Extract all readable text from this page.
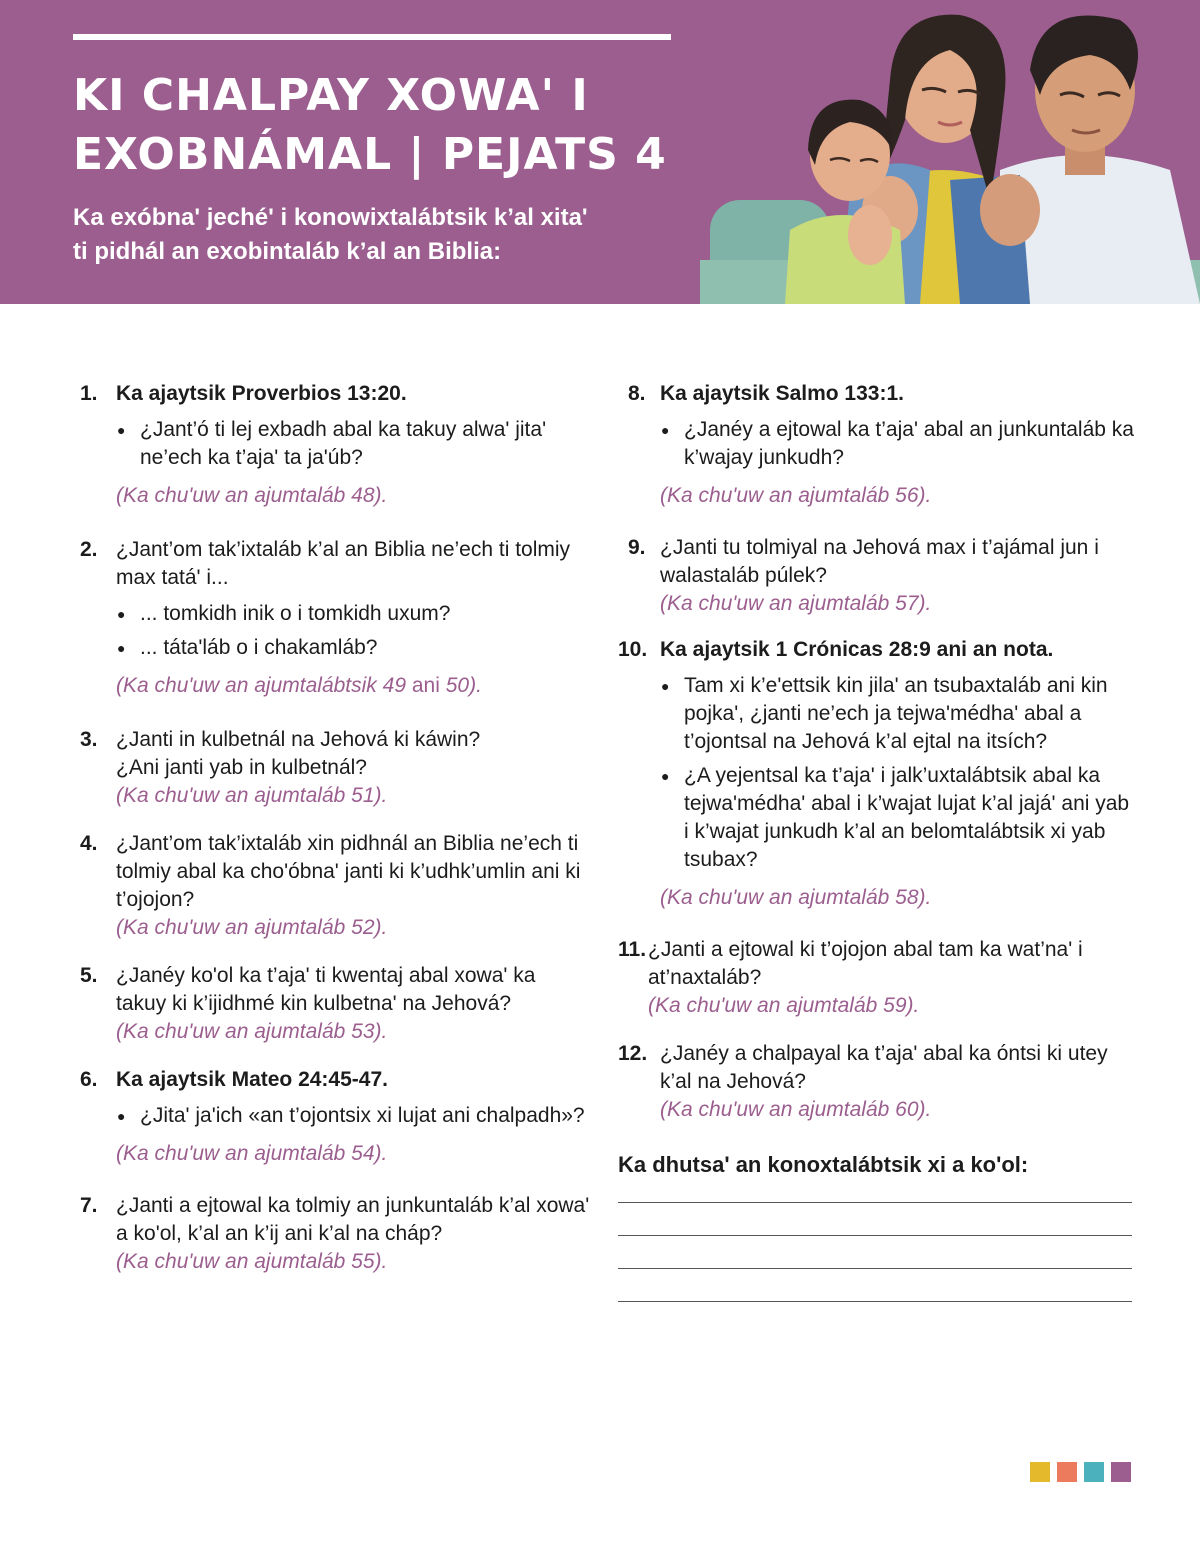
KI CHALPAY XOWA' I
EXOBNÁMAL | PEJATS 4

Ka exóbna' jeché' i konowixtalábtsik k’al xita'
ti pidhál an exobintaláb k’al an Biblia:

1. Ka ajaytsik Proverbios 13:20.
● ¿Jant’ó ti lej exbadh abal ka takuy alwa' jita' ne’ech ka t’aja' ta ja'úb?
(Ka chu'uw an ajumtaláb 48).
2. ¿Jant’om tak’ixtaláb k’al an Biblia ne’ech ti tolmiy max tatá' i...
● ... tomkidh inik o i tomkidh uxum?
● ... táta'láb o i chakamláb?
(Ka chu'uw an ajumtalábtsik 49 ani 50).
3. ¿Janti in kulbetnál na Jehová ki káwin?
¿Ani janti yab in kulbetnál?
(Ka chu'uw an ajumtaláb 51).
4. ¿Jant’om tak’ixtaláb xin pidhnál an Biblia ne’ech ti tolmiy abal ka cho'óbna' janti ki k’udhk’umlin ani ki t’ojojon?
(Ka chu'uw an ajumtaláb 52).
5. ¿Janéy ko'ol ka t’aja' ti kwentaj abal xowa' ka takuy ki k’ijidhmé kin kulbetna' na Jehová?
(Ka chu'uw an ajumtaláb 53).
6. Ka ajaytsik Mateo 24:45-47.
● ¿Jita' ja'ich «an t’ojontsix xi lujat ani chalpadh»?
(Ka chu'uw an ajumtaláb 54).
7. ¿Janti a ejtowal ka tolmiy an junkuntaláb k’al xowa' a ko'ol, k’al an k’ij ani k’al na cháp?
(Ka chu'uw an ajumtaláb 55).
8. Ka ajaytsik Salmo 133:1.
● ¿Janéy a ejtowal ka t’aja' abal an junkuntaláb ka k’wajay junkudh?
(Ka chu'uw an ajumtaláb 56).
9. ¿Janti tu tolmiyal na Jehová max i t’ajámal jun i walastaláb púlek?
(Ka chu'uw an ajumtaláb 57).
10. Ka ajaytsik 1 Crónicas 28:9 ani an nota.
● Tam xi k’e'ettsik kin jila' an tsubaxtaláb ani kin pojka', ¿janti ne’ech ja tejwa'médha' abal a t’ojontsal na Jehová k’al ejtal na itsích?
● ¿A yejentsal ka t’aja' i jalk’uxtalábtsik abal ka tejwa'médha' abal i k’wajat lujat k’al jajá' ani yab i k’wajat junkudh k’al an belomtalábtsik xi yab tsubax?
(Ka chu'uw an ajumtaláb 58).
11. ¿Janti a ejtowal ki t’ojojon abal tam ka wat’na' i at’naxtaláb?
(Ka chu'uw an ajumtaláb 59).
12. ¿Janéy a chalpayal ka t’aja' abal ka óntsi ki utey k’al na Jehová?
(Ka chu'uw an ajumtaláb 60).
Ka dhutsa' an konoxtalábtsik xi a ko'ol:
